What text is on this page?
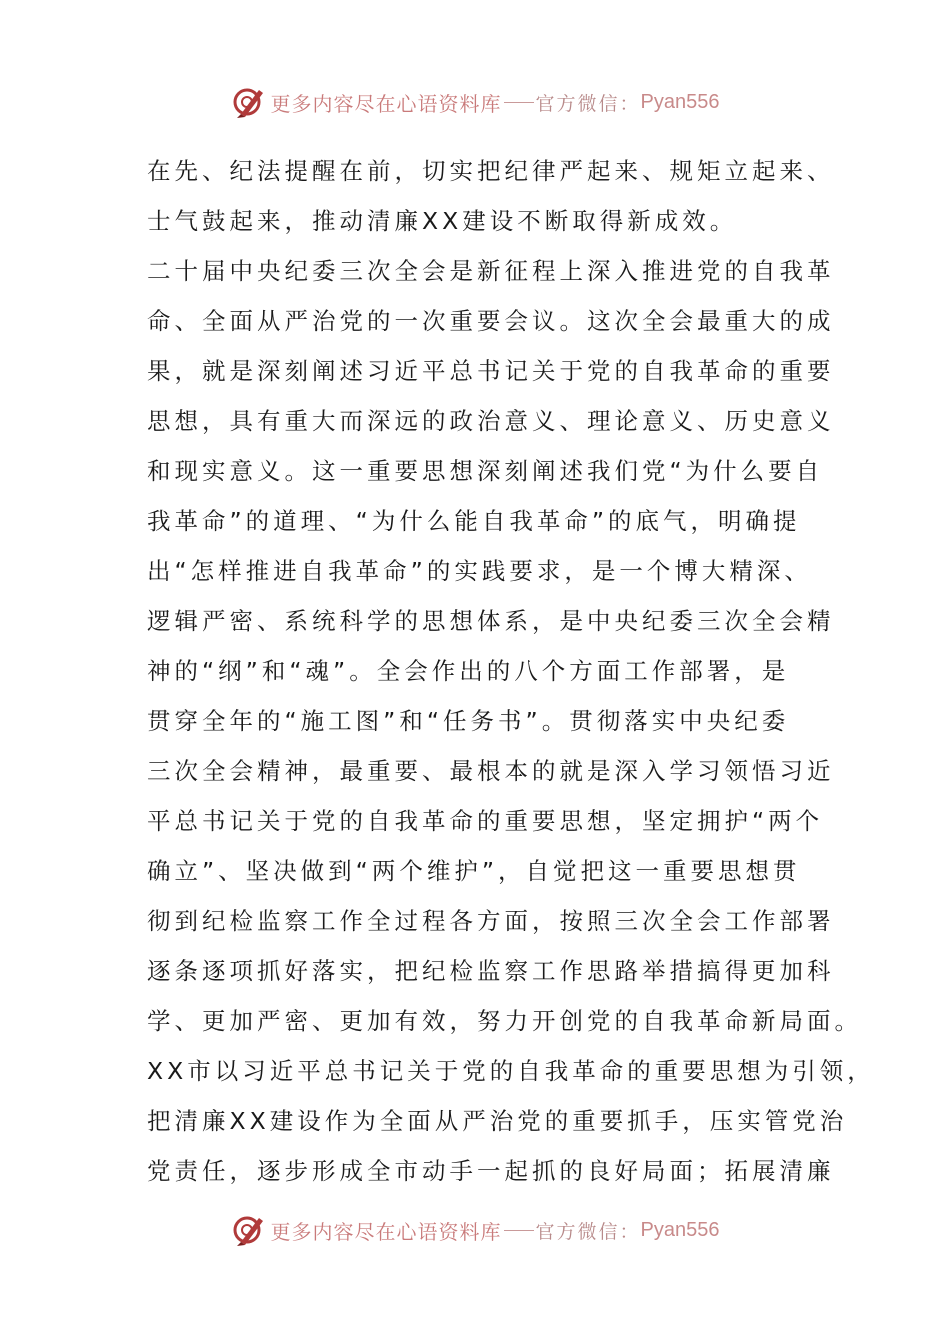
更多内容尽在心语资料库 官方微信： Pyan556
在先、纪法提醒在前，切实把纪律严起来、规矩立起来、
士气鼓起来，推动清廉XX建设不断取得新成效。
二十届中央纪委三次全会是新征程上深入推进党的自我革
命、全面从严治党的一次重要会议。这次全会最重大的成
果，就是深刻阐述习近平总书记关于党的自我革命的重要
思想，具有重大而深远的政治意义、理论意义、历史意义
和现实意义。这一重要思想深刻阐述我们党“为什么要自
我革命”的道理、“为什么能自我革命”的底气，明确提
出“怎样推进自我革命”的实践要求，是一个博大精深、
逻辑严密、系统科学的思想体系，是中央纪委三次全会精
神的“纲”和“魂”。全会作出的八个方面工作部署，是
贯穿全年的“施工图”和“任务书”。贯彻落实中央纪委
三次全会精神，最重要、最根本的就是深入学习领悟习近
平总书记关于党的自我革命的重要思想，坚定拥护“两个
确立”、坚决做到“两个维护”，自觉把这一重要思想贯
彻到纪检监察工作全过程各方面，按照三次全会工作部署
逐条逐项抓好落实，把纪检监察工作思路举措搞得更加科
学、更加严密、更加有效，努力开创党的自我革命新局面。
XX市以习近平总书记关于党的自我革命的重要思想为引领，
把清廉XX建设作为全面从严治党的重要抓手，压实管党治
党责任，逐步形成全市动手一起抓的良好局面；拓展清廉
更多内容尽在心语资料库 官方微信： Pyan556
